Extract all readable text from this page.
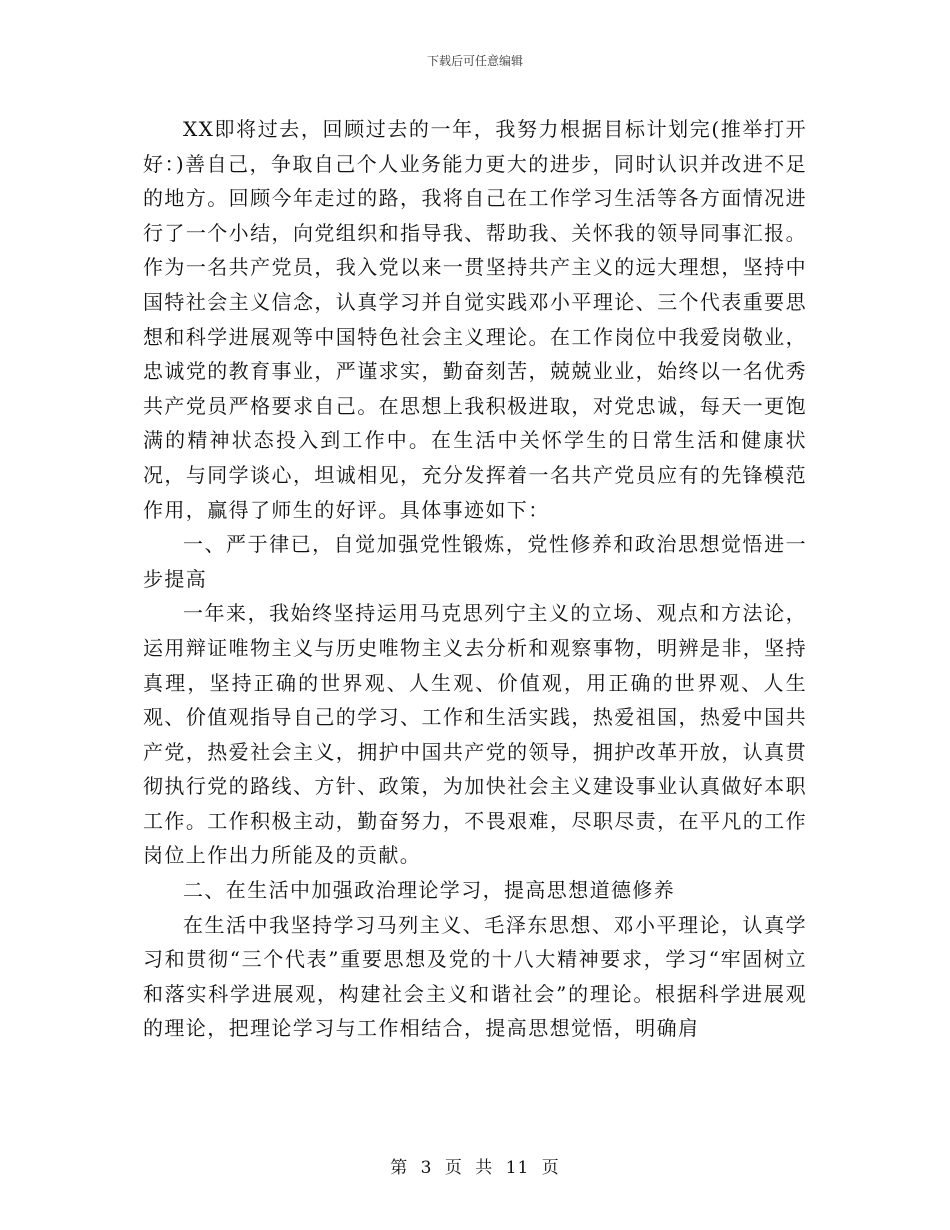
下载后可任意编辑

XX即将过去，回顾过去的一年，我努力根据目标计划完(推举打开好：)善自己，争取自己个人业务能力更大的进步，同时认识并改进不足的地方。回顾今年走过的路，我将自己在工作学习生活等各方面情况进行了一个小结，向党组织和指导我、帮助我、关怀我的领导同事汇报。作为一名共产党员，我入党以来一贯坚持共产主义的远大理想，坚持中国特社会主义信念，认真学习并自觉实践邓小平理论、三个代表重要思想和科学进展观等中国特色社会主义理论。在工作岗位中我爱岗敬业，忠诚党的教育事业，严谨求实，勤奋刻苦，兢兢业业，始终以一名优秀共产党员严格要求自己。在思想上我积极进取，对党忠诚，每天一更饱满的精神状态投入到工作中。在生活中关怀学生的日常生活和健康状况，与同学谈心，坦诚相见，充分发挥着一名共产党员应有的先锋模范作用，赢得了师生的好评。具体事迹如下：

一、严于律已，自觉加强党性锻炼，党性修养和政治思想觉悟进一步提高

一年来，我始终坚持运用马克思列宁主义的立场、观点和方法论，运用辩证唯物主义与历史唯物主义去分析和观察事物，明辨是非，坚持真理，坚持正确的世界观、人生观、价值观，用正确的世界观、人生观、价值观指导自己的学习、工作和生活实践，热爱祖国，热爱中国共产党，热爱社会主义，拥护中国共产党的领导，拥护改革开放，认真贯彻执行党的路线、方针、政策，为加快社会主义建设事业认真做好本职工作。工作积极主动，勤奋努力，不畏艰难，尽职尽责，在平凡的工作岗位上作出力所能及的贡献。

二、在生活中加强政治理论学习，提高思想道德修养

在生活中我坚持学习马列主义、毛泽东思想、邓小平理论，认真学习和贯彻“三个代表”重要思想及党的十八大精神要求，学习“牢固树立和落实科学进展观，构建社会主义和谐社会”的理论。根据科学进展观的理论，把理论学习与工作相结合，提高思想觉悟，明确肩

第 3 页 共 11 页
